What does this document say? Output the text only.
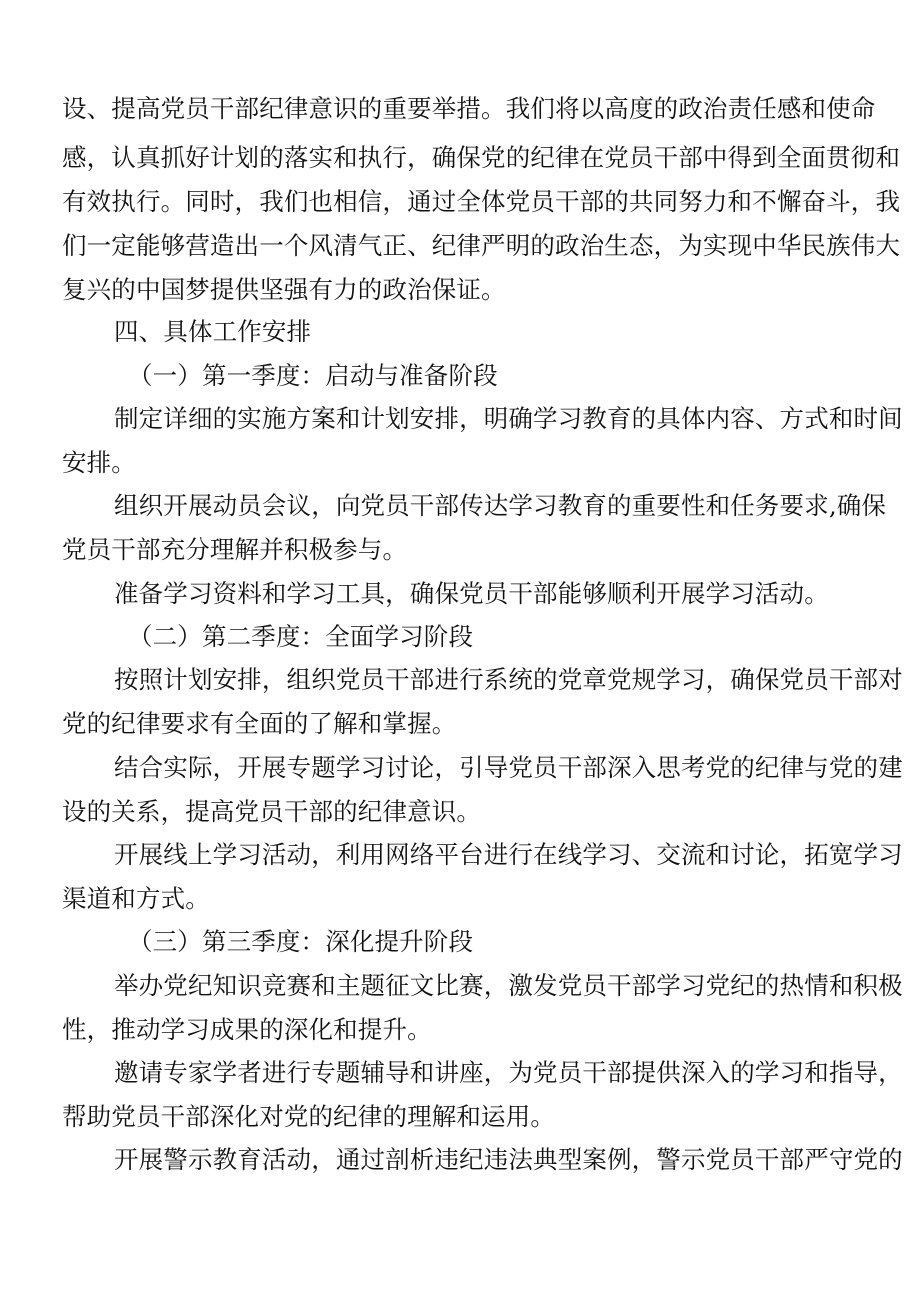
设、提高党员干部纪律意识的重要举措。我们将以高度的政治责任感和使命
感，认真抓好计划的落实和执行，确保党的纪律在党员干部中得到全面贯彻和
有效执行。同时，我们也相信，通过全体党员干部的共同努力和不懈奋斗，我
们一定能够营造出一个风清气正、纪律严明的政治生态，为实现中华民族伟大
复兴的中国梦提供坚强有力的政治保证。
四、具体工作安排
（一）第一季度：启动与准备阶段
制定详细的实施方案和计划安排，明确学习教育的具体内容、方式和时间
安排。
组织开展动员会议，向党员干部传达学习教育的重要性和任务要求,确保
党员干部充分理解并积极参与。
准备学习资料和学习工具，确保党员干部能够顺利开展学习活动。
（二）第二季度：全面学习阶段
按照计划安排，组织党员干部进行系统的党章党规学习，确保党员干部对
党的纪律要求有全面的了解和掌握。
结合实际，开展专题学习讨论，引导党员干部深入思考党的纪律与党的建
设的关系，提高党员干部的纪律意识。
开展线上学习活动，利用网络平台进行在线学习、交流和讨论，拓宽学习
渠道和方式。
（三）第三季度：深化提升阶段
举办党纪知识竞赛和主题征文比赛，激发党员干部学习党纪的热情和积极
性，推动学习成果的深化和提升。
邀请专家学者进行专题辅导和讲座，为党员干部提供深入的学习和指导，
帮助党员干部深化对党的纪律的理解和运用。
开展警示教育活动，通过剖析违纪违法典型案例，警示党员干部严守党的
